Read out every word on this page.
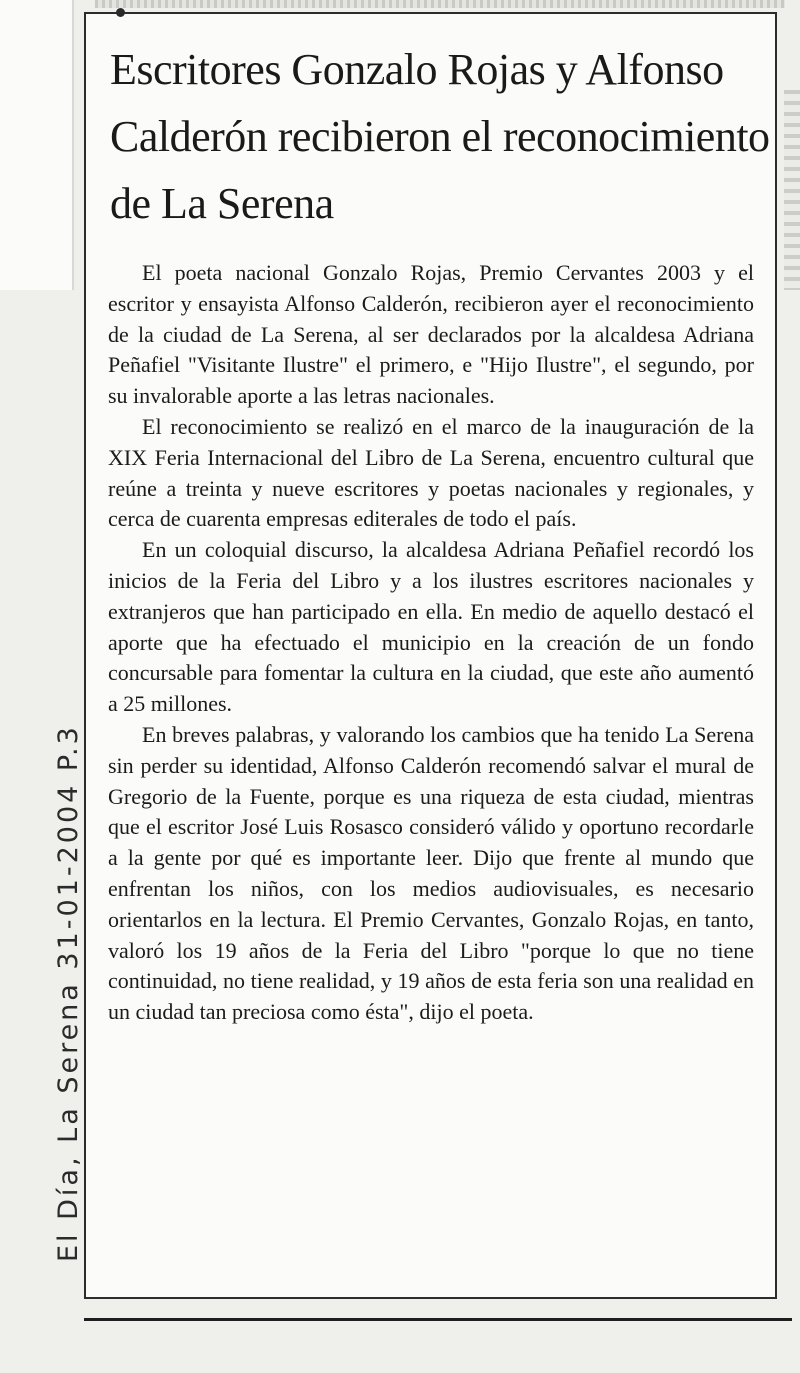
El Día, La Serena 31-01-2004 P.3
Escritores Gonzalo Rojas y Alfonso Calderón recibieron el reconocimiento de La Serena

El poeta nacional Gonzalo Rojas, Premio Cervantes 2003 y el escritor y ensayista Alfonso Calderón, recibieron ayer el reconocimiento de la ciudad de La Serena, al ser declarados por la alcaldesa Adriana Peñafiel "Visitante Ilustre" el primero, e "Hijo Ilustre", el segundo, por su invalorable aporte a las letras nacionales.

El reconocimiento se realizó en el marco de la inauguración de la XIX Feria Internacional del Libro de La Serena, encuentro cultural que reúne a treinta y nueve escritores y poetas nacionales y regionales, y cerca de cuarenta empresas editerales de todo el país.

En un coloquial discurso, la alcaldesa Adriana Peñafiel recordó los inicios de la Feria del Libro y a los ilustres escritores nacionales y extranjeros que han participado en ella. En medio de aquello destacó el aporte que ha efectuado el municipio en la creación de un fondo concursable para fomentar la cultura en la ciudad, que este año aumentó a 25 millones.

En breves palabras, y valorando los cambios que ha tenido La Serena sin perder su identidad, Alfonso Calderón recomendó salvar el mural de Gregorio de la Fuente, porque es una riqueza de esta ciudad, mientras que el escritor José Luis Rosasco consideró válido y oportuno recordarle a la gente por qué es importante leer. Dijo que frente al mundo que enfrentan los niños, con los medios audiovisuales, es necesario orientarlos en la lectura. El Premio Cervantes, Gonzalo Rojas, en tanto, valoró los 19 años de la Feria del Libro "porque lo que no tiene continuidad, no tiene realidad, y 19 años de esta feria son una realidad en un ciudad tan preciosa como ésta", dijo el poeta.
